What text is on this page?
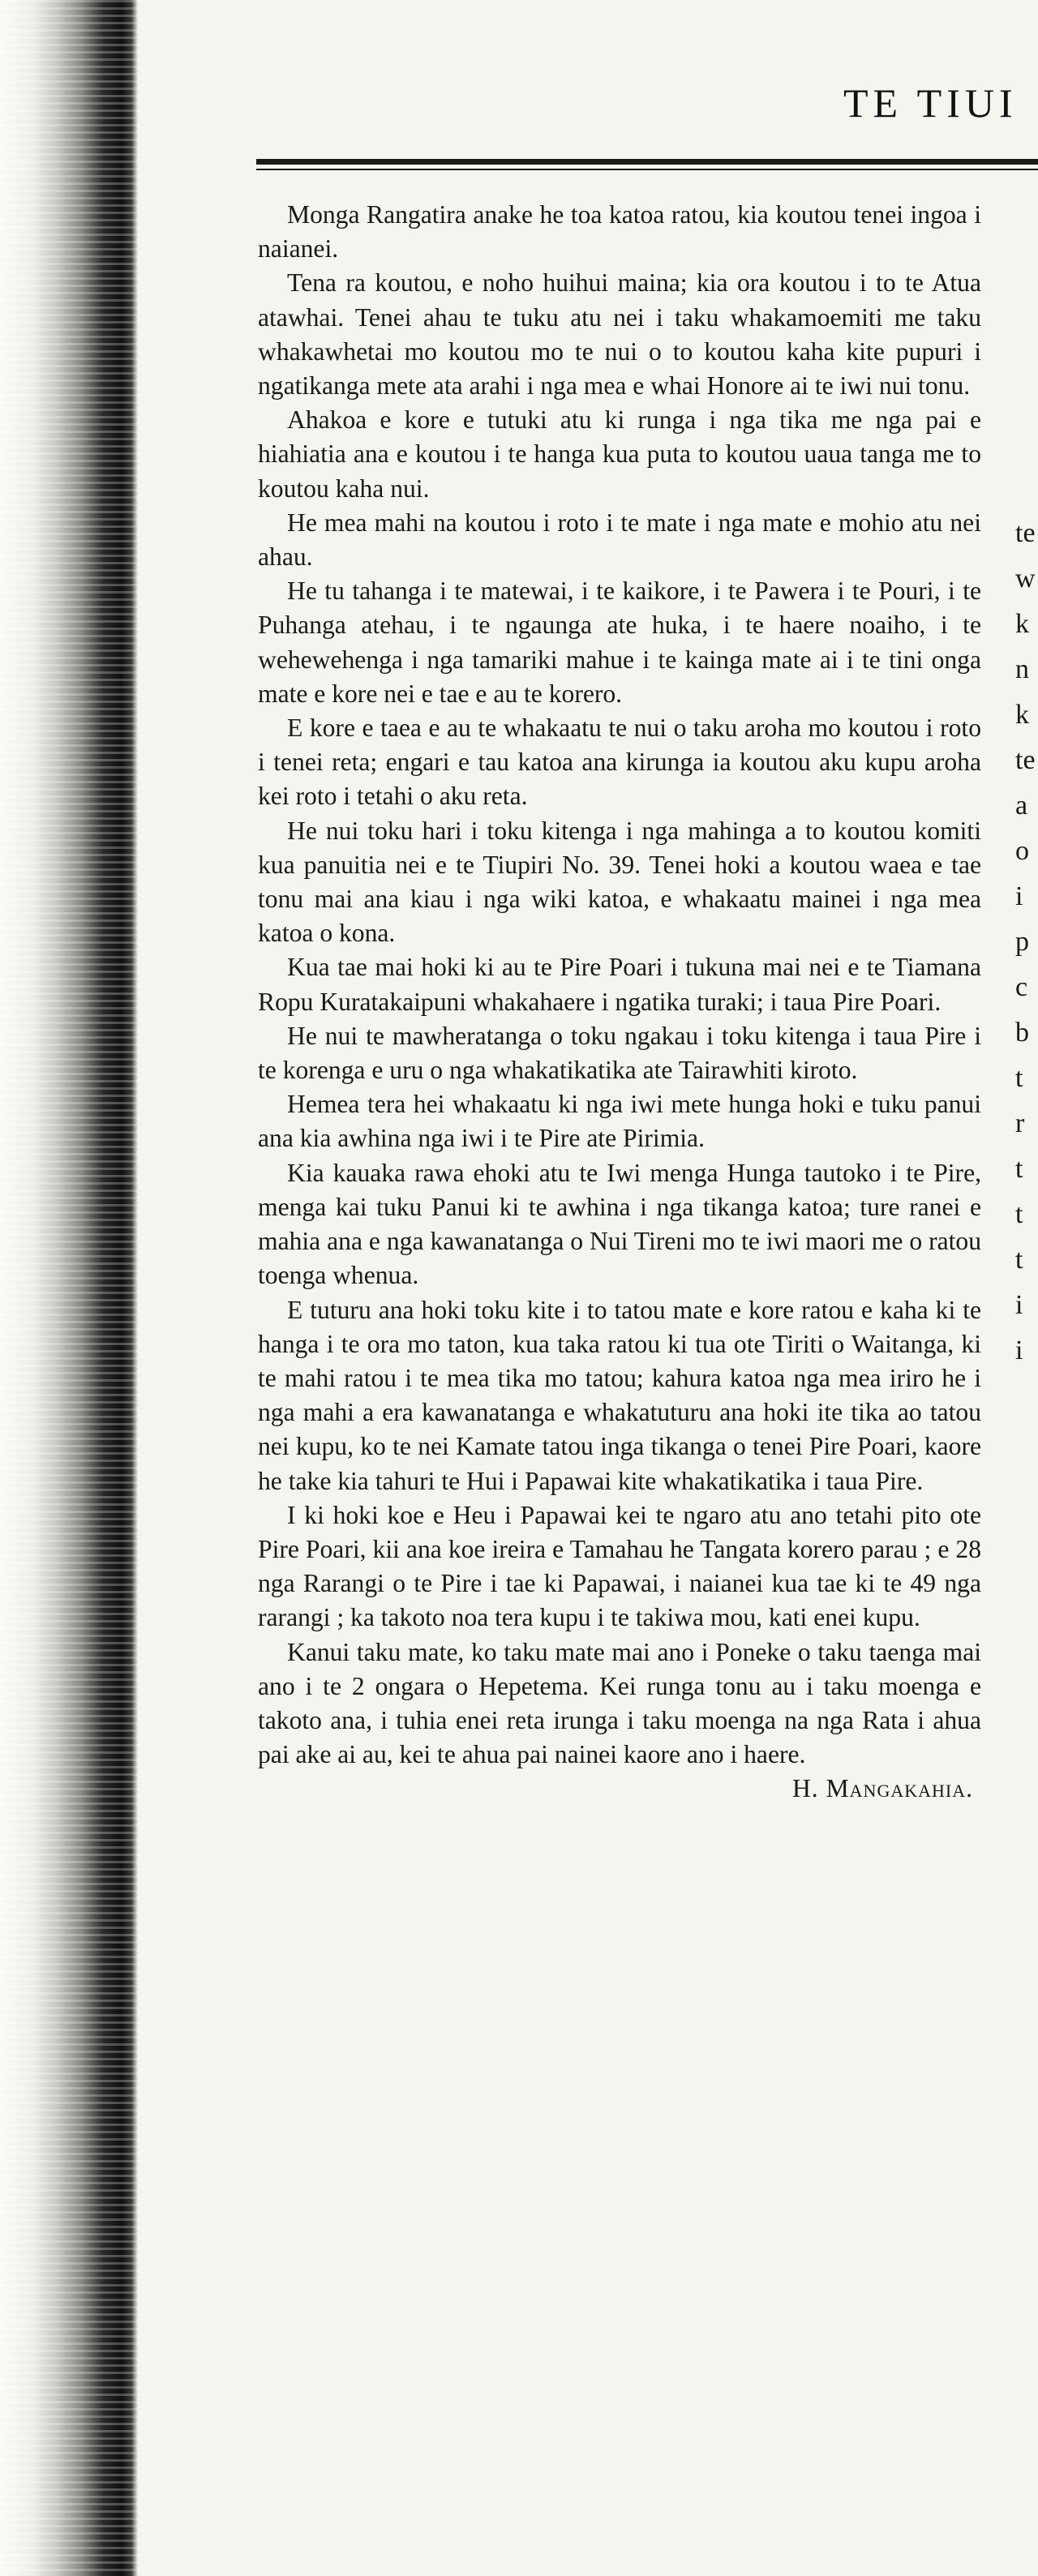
TE TIUI

Monga Rangatira anake he toa katoa ratou, kia koutou tenei ingoa i naianei.

Tena ra koutou, e noho huihui maina; kia ora koutou i to te Atua atawhai. Tenei ahau te tuku atu nei i taku whakamoemiti me taku whakawhetai mo koutou mo te nui o to koutou kaha kite pupuri i ngatikanga mete ata arahi i nga mea e whai Honore ai te iwi nui tonu.

Ahakoa e kore e tutuki atu ki runga i nga tika me nga pai e hiahiatia ana e koutou i te hanga kua puta to koutou uaua tanga me to koutou kaha nui.

He mea mahi na koutou i roto i te mate i nga mate e mohio atu nei ahau.

He tu tahanga i te matewai, i te kaikore, i te Pawera i te Pouri, i te Puhanga atehau, i te ngaunga ate huka, i te haere noaiho, i te wehewehenga i nga tamariki mahue i te kainga mate ai i te tini onga mate e kore nei e tae e au te korero.

E kore e taea e au te whakaatu te nui o taku aroha mo koutou i roto i tenei reta; engari e tau katoa ana kirunga ia koutou aku kupu aroha kei roto i tetahi o aku reta.

He nui toku hari i toku kitenga i nga mahinga a to koutou komiti kua panuitia nei e te Tiupiri No. 39. Tenei hoki a koutou waea e tae tonu mai ana kiau i nga wiki katoa, e whakaatu mainei i nga mea katoa o kona.

Kua tae mai hoki ki au te Pire Poari i tukuna mai nei e te Tiamana Ropu Kuratakaipuni whakahaere i ngatika turaki; i taua Pire Poari.

He nui te mawheratanga o toku ngakau i toku kitenga i taua Pire i te korenga e uru o nga whakatikatika ate Tairawhiti kiroto.

Hemea tera hei whakaatu ki nga iwi mete hunga hoki e tuku panui ana kia awhina nga iwi i te Pire ate Pirimia.

Kia kauaka rawa ehoki atu te Iwi menga Hunga tautoko i te Pire, menga kai tuku Panui ki te awhina i nga tikanga katoa; ture ranei e mahia ana e nga kawanatanga o Nui Tireni mo te iwi maori me o ratou toenga whenua.

E tuturu ana hoki toku kite i to tatou mate e kore ratou e kaha ki te hanga i te ora mo taton, kua taka ratou ki tua ote Tiriti o Waitanga, ki te mahi ratou i te mea tika mo tatou; kahura katoa nga mea iriro he i nga mahi a era kawanatanga e whakatuturu ana hoki ite tika ao tatou nei kupu, ko te nei Kamate tatou inga tikanga o tenei Pire Poari, kaore he take kia tahuri te Hui i Papawai kite whakatikatika i taua Pire.

I ki hoki koe e Heu i Papawai kei te ngaro atu ano tetahi pito ote Pire Poari, kii ana koe ireira e Tamahau he Tangata korero parau ; e 28 nga Rarangi o te Pire i tae ki Papawai, i naianei kua tae ki te 49 nga rarangi ; ka takoto noa tera kupu i te takiwa mou, kati enei kupu.

Kanui taku mate, ko taku mate mai ano i Poneke o taku taenga mai ano i te 2 ongara o Hepetema. Kei runga tonu au i taku moenga e takoto ana, i tuhia enei reta irunga i taku moenga na nga Rata i ahua pai ake ai au, kei te ahua pai nainei kaore ano i haere.

H. Mangakahia.

te
w
k
n
k
te
a
o
i
p
c
b
t
r
t
t
t
i
i
